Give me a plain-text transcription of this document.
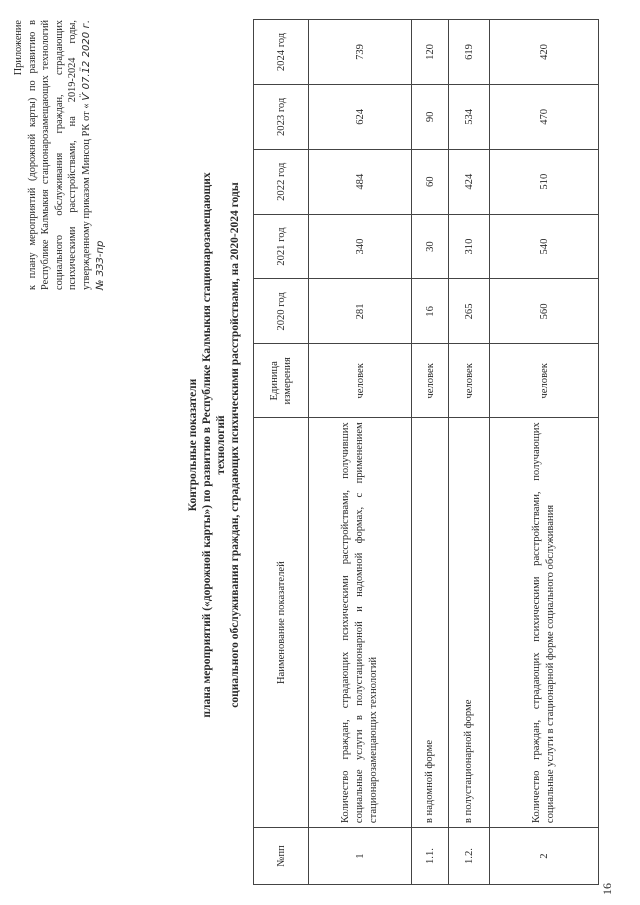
16
Приложение к плану мероприятий (дорожной карты) по развитию в Республике Калмыкия стационарозамещающих технологий социального обслуживания граждан, страдающих психическими расстройствами, на 2019-2024 годы, утвержденному приказом Минсоц РК от « Ѵ̈ 07.1̈2 2020 г. № ЗЗЗ-пр
Контрольные показатели плана мероприятий («дорожной карты») по развитию в Республике Калмыкия стационарозамещающих технологий социального обслуживания граждан, страдающих психическими расстройствами, на 2020-2024 годы
№пп	Наименование показателей	Единица измерения	2020 год	2021 год	2022 год	2023 год	2024 год
1	Количество граждан, страдающих психическими расстройствами, получивших социальные услуги в полустационарной и надомной формах, с применением стационарозамещающих технологий	человек	281	340	484	624	739
1.1.	в надомной форме	человек	16	30	60	90	120
1.2.	в полустационарной форме	человек	265	310	424	534	619
2	Количество граждан, страдающих психическими расстройствами, получающих социальные услуги в стационарной форме социального обслуживания	человек	560	540	510	470	420
